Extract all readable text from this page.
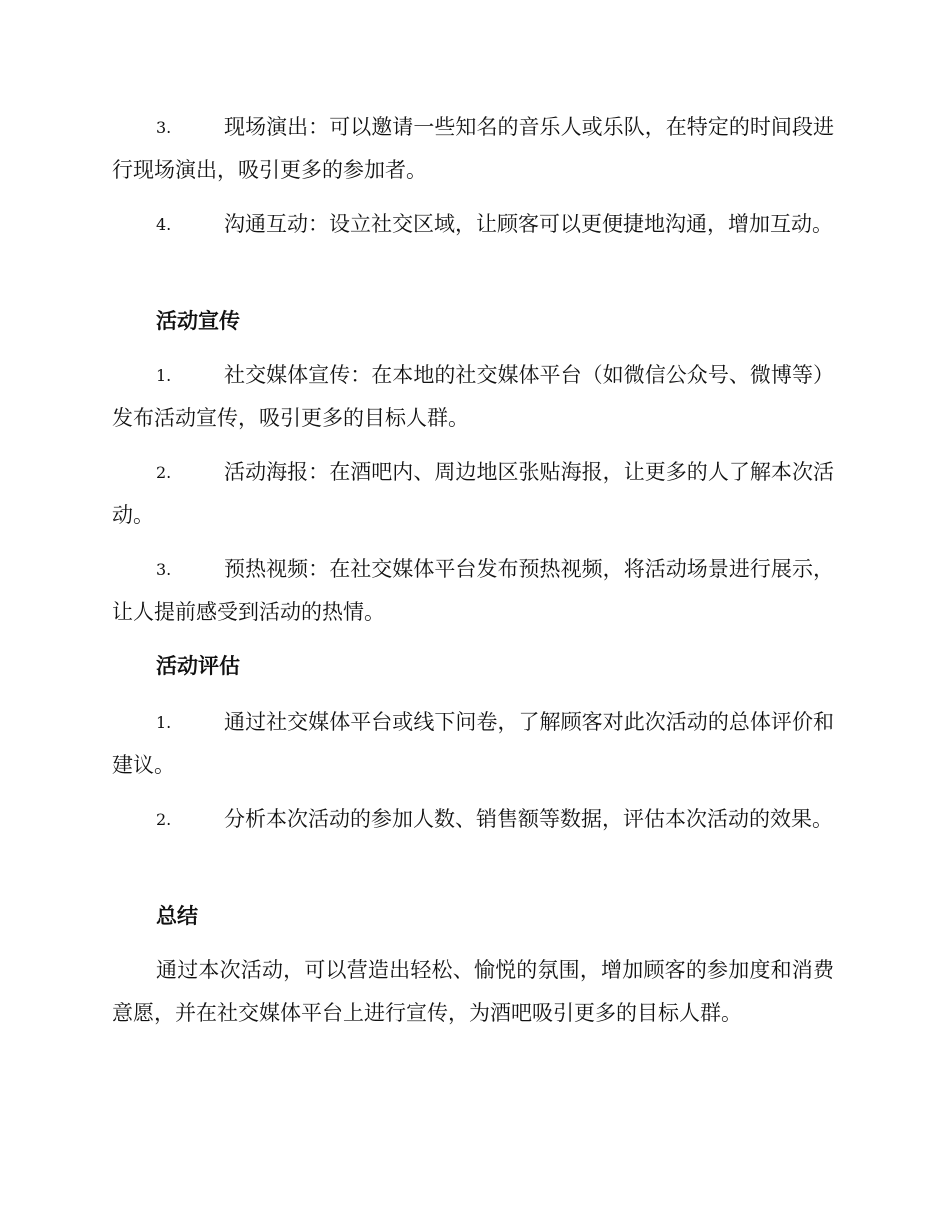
3.	现场演出：可以邀请一些知名的音乐人或乐队，在特定的时间段进行现场演出，吸引更多的参加者。

4.	沟通互动：设立社交区域，让顾客可以更便捷地沟通，增加互动。

活动宣传

1.	社交媒体宣传：在本地的社交媒体平台（如微信公众号、微博等）发布活动宣传，吸引更多的目标人群。

2.	活动海报：在酒吧内、周边地区张贴海报，让更多的人了解本次活动。

3.	预热视频：在社交媒体平台发布预热视频，将活动场景进行展示，让人提前感受到活动的热情。

活动评估

1.	通过社交媒体平台或线下问卷，了解顾客对此次活动的总体评价和建议。

2.	分析本次活动的参加人数、销售额等数据，评估本次活动的效果。

总结

通过本次活动，可以营造出轻松、愉悦的氛围，增加顾客的参加度和消费意愿，并在社交媒体平台上进行宣传，为酒吧吸引更多的目标人群。
